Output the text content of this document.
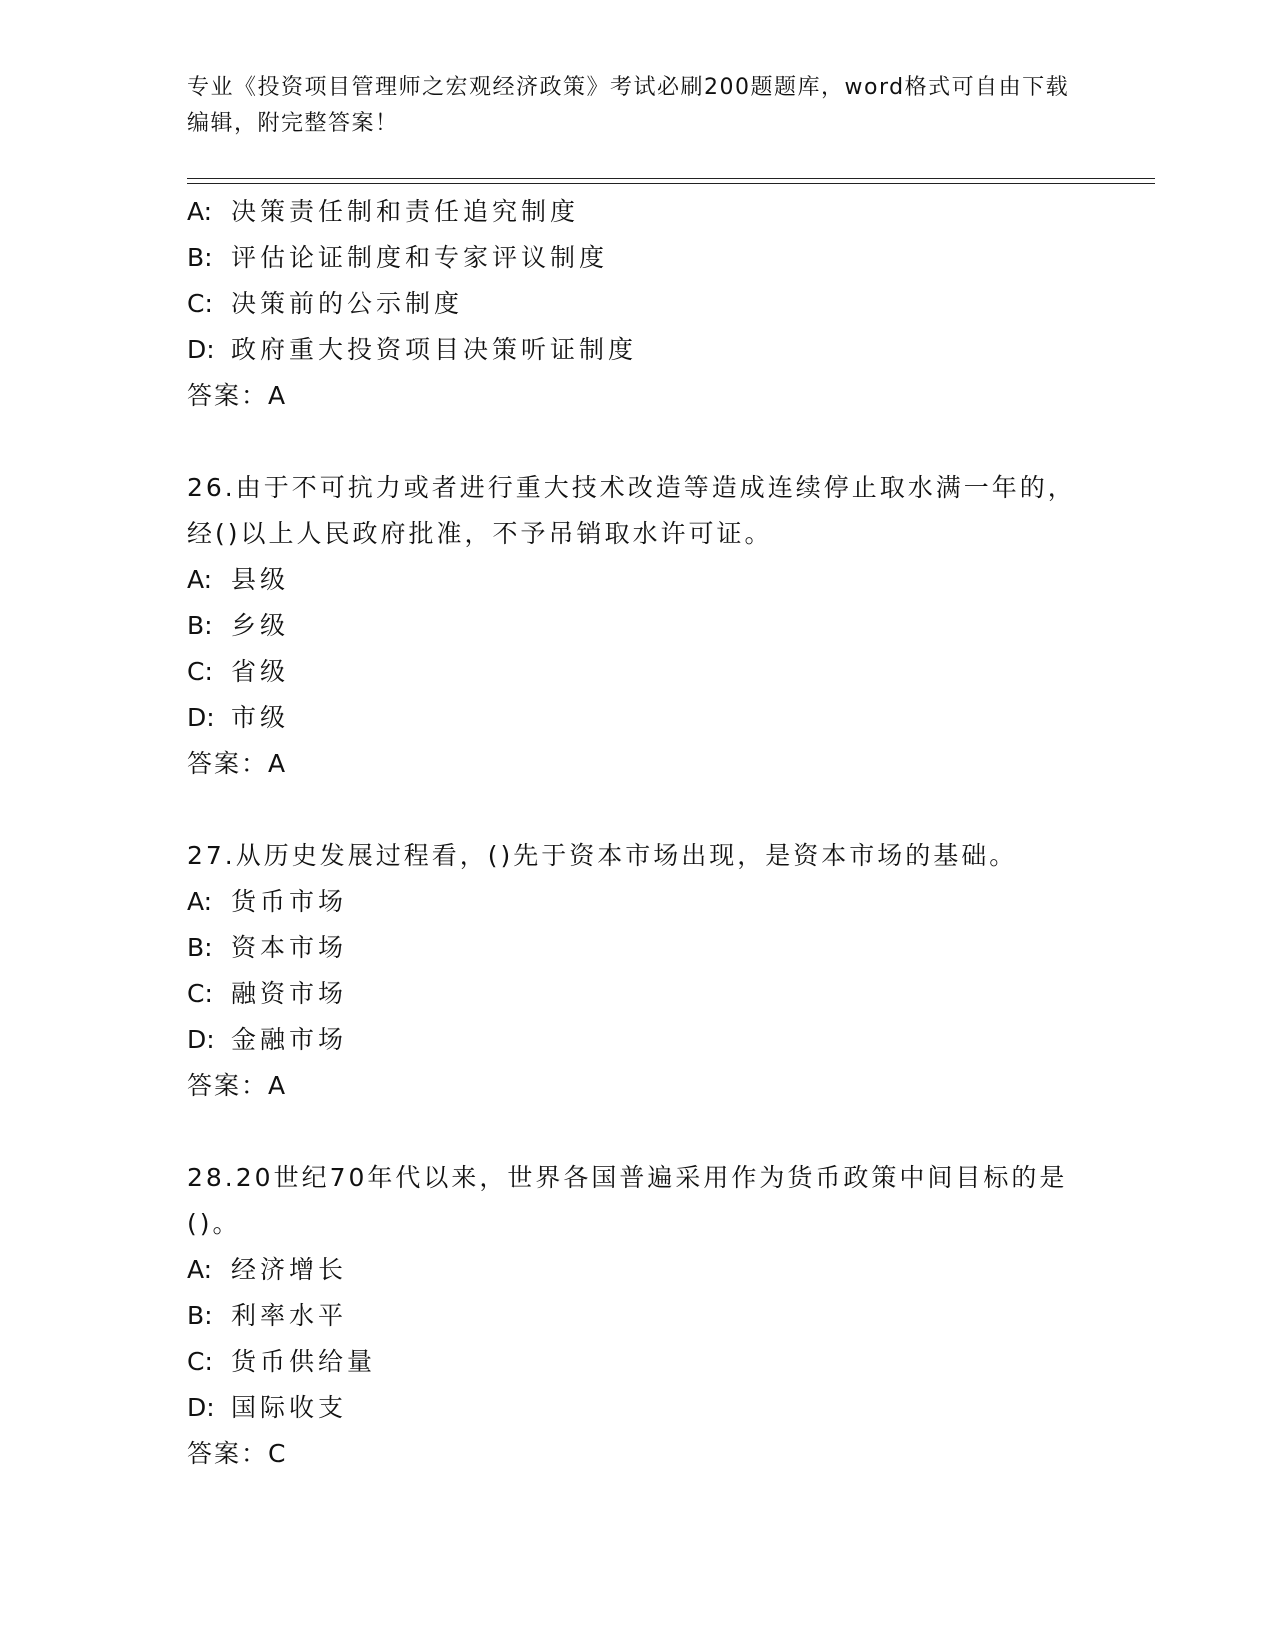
专业《投资项目管理师之宏观经济政策》考试必刷200题题库，word格式可自由下载编辑，附完整答案！
A: 决策责任制和责任追究制度
B: 评估论证制度和专家评议制度
C: 决策前的公示制度
D: 政府重大投资项目决策听证制度
答案：A
26.由于不可抗力或者进行重大技术改造等造成连续停止取水满一年的，经()以上人民政府批准，不予吊销取水许可证。
A: 县级
B: 乡级
C: 省级
D: 市级
答案：A
27.从历史发展过程看，()先于资本市场出现，是资本市场的基础。
A: 货币市场
B: 资本市场
C: 融资市场
D: 金融市场
答案：A
28.20世纪70年代以来，世界各国普遍采用作为货币政策中间目标的是()。
A: 经济增长
B: 利率水平
C: 货币供给量
D: 国际收支
答案：C
